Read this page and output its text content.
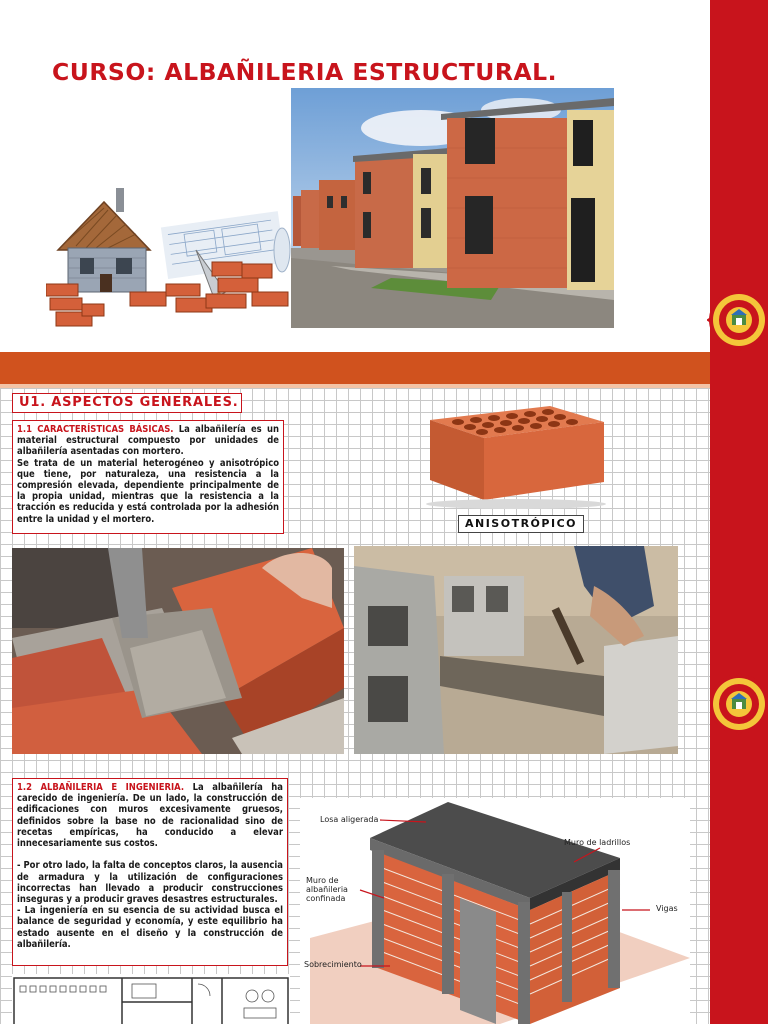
CURSO: ALBAÑILERIA ESTRUCTURAL.
U1. ASPECTOS GENERALES.

1.1 CARACTERÍSTICAS BÁSICAS. La albañilería es un material estructural compuesto por unidades de albañilería asentadas con mortero.

Se trata de un material heterogéneo y anisotrópico que tiene, por naturaleza, una resistencia a la compresión elevada, dependiente principalmente de la propia unidad, mientras que la resistencia a la tracción es reducida y está controlada por la adhesión entre la unidad y el mortero.	ANISOTRÓPICO

1.2 ALBAÑILERIA E INGENIERIA. La albañilería ha carecido de ingeniería. De un lado, la construcción de edificaciones con muros excesivamente gruesos, definidos sobre la base no de racionalidad sino de recetas empíricas, ha conducido a elevar innecesariamente sus costos.

- Por otro lado, la falta de conceptos claros, la ausencia de armadura y la utilización de configuraciones incorrectas han llevado a producir construcciones inseguras y a producir graves desastres estructurales.

- La ingeniería en su esencia de su actividad busca el balance de seguridad y economía, y este equilibrio ha estado ausente en el diseño y la construcción de albañilería.

Losa aligerada
Muro de ladrillos
Muro de
albañileria
confinada
Vigas
Sobrecimiento
